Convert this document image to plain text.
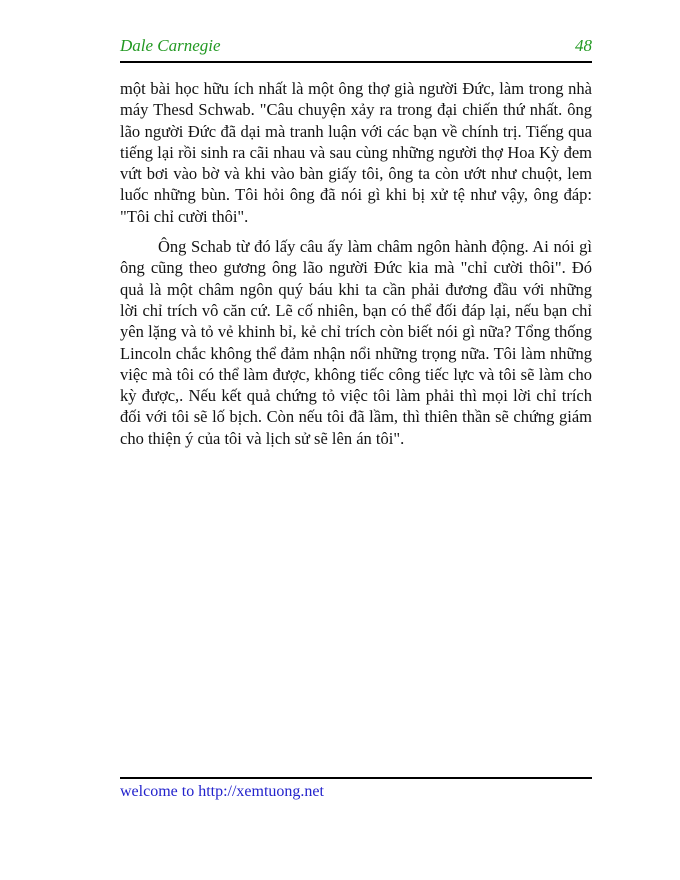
Dale Carnegie	48

một bài học hữu ích nhất là một ông thợ già người Đức, làm trong nhà máy Thesd Schwab. "Câu chuyện xảy ra trong đại chiến thứ nhất. ông lão người Đức đã dại mà tranh luận với các bạn về chính trị. Tiếng qua tiếng lại rồi sinh ra cãi nhau và sau cùng những người thợ Hoa Kỳ đem vứt bơi vào bờ và khi vào bàn giấy tôi, ông ta còn ướt như chuột, lem luốc những bùn. Tôi hỏi ông đã nói gì khi bị xử tệ như vậy, ông đáp: "Tôi chỉ cười thôi".

Ông Schab từ đó lấy câu ấy làm châm ngôn hành động. Ai nói gì ông cũng theo gương ông lão người Đức kia mà "chỉ cười thôi". Đó quả là một châm ngôn quý báu khi ta cần phải đương đầu với những lời chỉ trích vô căn cứ. Lẽ cố nhiên, bạn có thể đối đáp lại, nếu bạn chỉ yên lặng và tỏ vẻ khinh bỉ, kẻ chỉ trích còn biết nói gì nữa? Tổng thống Lincoln chắc không thể đảm nhận nổi những trọng nữa. Tôi làm những việc mà tôi có thể làm được, không tiếc công tiếc lực và tôi sẽ làm cho kỳ được,. Nếu kết quả chứng tỏ việc tôi làm phải thì mọi lời chỉ trích đối với tôi sẽ lố bịch. Còn nếu tôi đã lầm, thì thiên thần sẽ chứng giám cho thiện ý của tôi và lịch sử sẽ lên án tôi".

welcome to http://xemtuong.net
